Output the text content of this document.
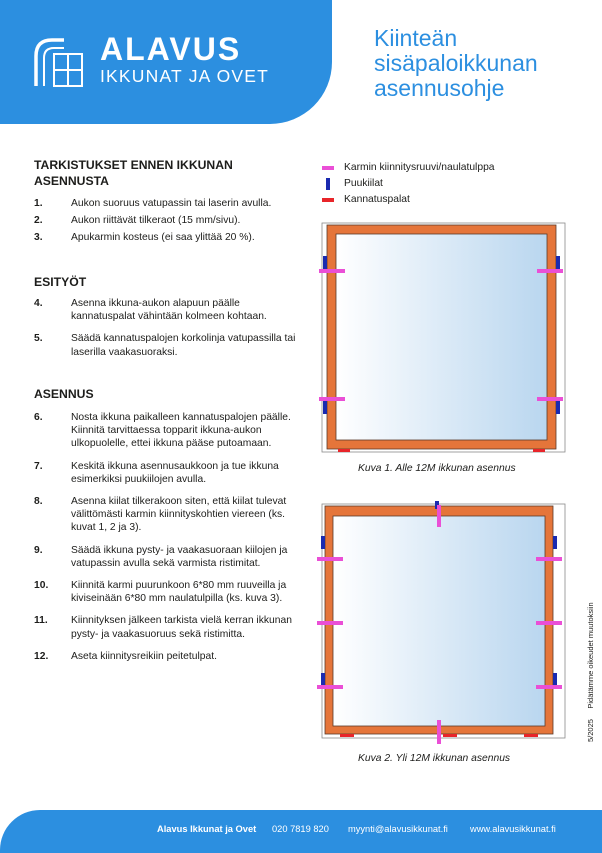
ALAVUS
IKKUNAT JA OVET
Kiinteän
sisäpaloikkunan
asennusohje
TARKISTUKSET ENNEN IKKUNAN ASENNUSTA
1.	Aukon suoruus vatupassin tai laserin avulla.
2.	Aukon riittävät tilkeraot (15 mm/sivu).
3.	Apukarmin kosteus (ei saa ylittää 20 %).
ESITYÖT
4.	Asenna ikkuna-aukon alapuun päälle kannatuspalat vähintään kolmeen kohtaan.
5.	Säädä kannatuspalojen korkolinja vatupassilla tai laserilla vaakasuoraksi.
ASENNUS
6.	Nosta ikkuna paikalleen kannatuspalojen päälle. Kiinnitä tarvittaessa topparit ikkuna-aukon ulkopuolelle, ettei ikkuna pääse putoamaan.
7.	Keskitä ikkuna asennusaukkoon ja tue ikkuna esimerkiksi puukiilojen avulla.
8.	Asenna kiilat tilkerakoon siten, että kiilat tulevat välittömästi karmin kiinnityskohtien viereen (ks. kuvat 1, 2 ja 3).
9.	Säädä ikkuna pysty- ja vaakasuoraan kiilojen ja vatupassin avulla sekä varmista ristimitat.
10. Kiinnitä karmi puurunkoon 6*80 mm ruuveilla ja kiviseinään 6*80 mm naulatulpilla (ks. kuva 3).
11. Kiinnityksen jälkeen tarkista vielä kerran ikkunan pysty- ja vaakasuoruus sekä ristimitta.
12. Aseta kiinnitysreikiin peitetulpat.
Karmin kiinnitysruuvi/naulatulppa
Puukiilat
Kannatuspalat
Kuva 1. Alle 12M ikkunan asennus
Kuva 2. Yli 12M ikkunan asennus
5/2025     Pidätämme oikeudet muutoksiin
Alavus Ikkunat ja Ovet 020 7819 820 myynti@alavusikkunat.fi www.alavusikkunat.fi
